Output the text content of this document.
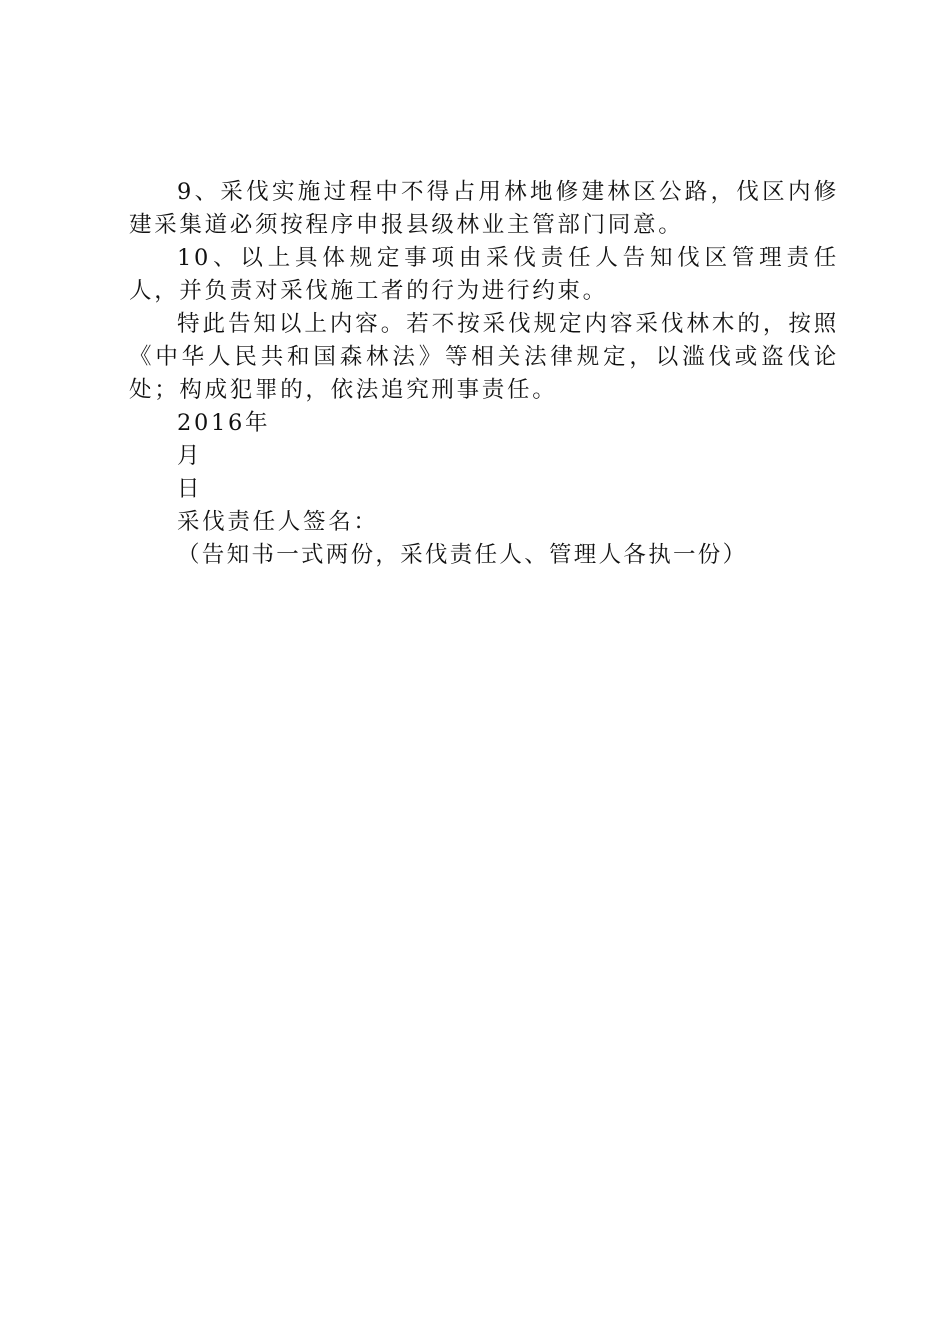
9、采伐实施过程中不得占用林地修建林区公路，伐区内修建采集道必须按程序申报县级林业主管部门同意。

10、以上具体规定事项由采伐责任人告知伐区管理责任人，并负责对采伐施工者的行为进行约束。

特此告知以上内容。若不按采伐规定内容采伐林木的，按照《中华人民共和国森林法》等相关法律规定，以滥伐或盗伐论处；构成犯罪的，依法追究刑事责任。

2016年

月

日

采伐责任人签名：

（告知书一式两份，采伐责任人、管理人各执一份）
